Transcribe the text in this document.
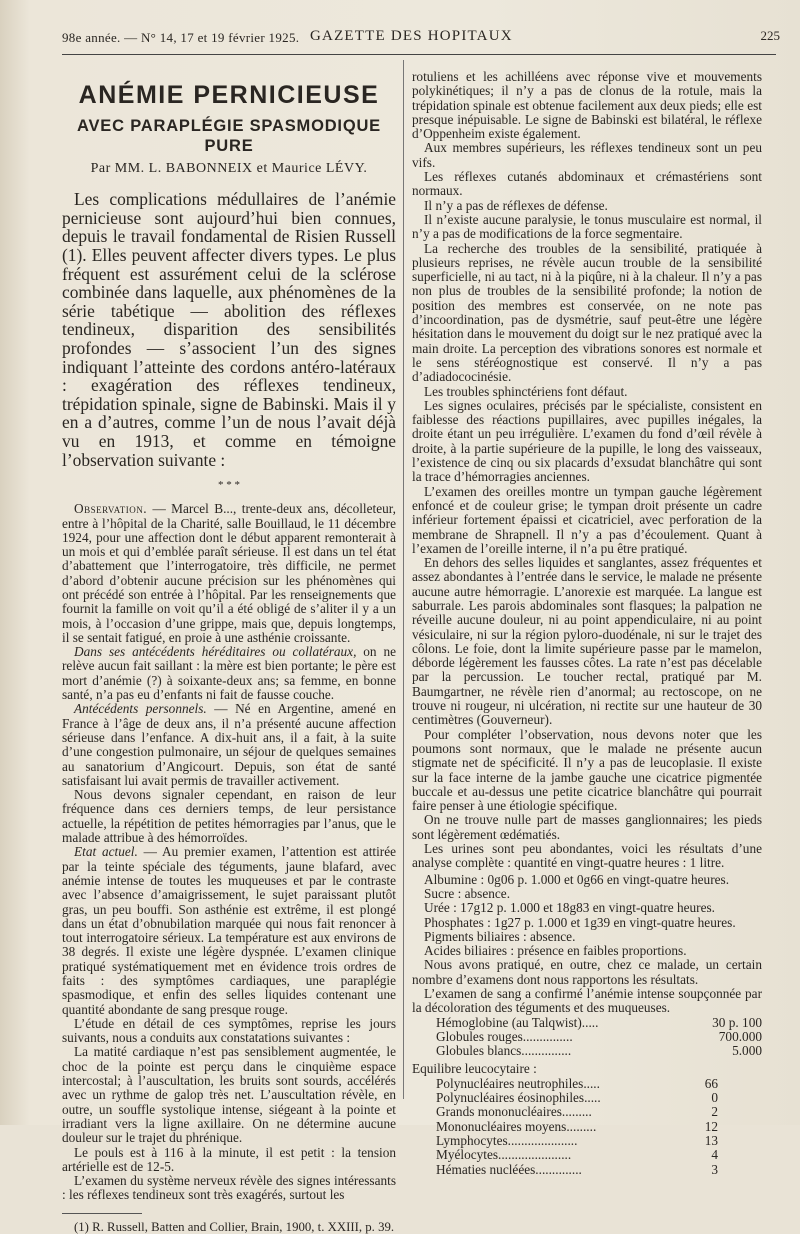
98e année. — N° 14, 17 et 19 février 1925. GAZETTE DES HOPITAUX	225
ANÉMIE PERNICIEUSE
AVEC PARAPLÉGIE SPASMODIQUE PURE
Par MM. L. BABONNEIX et Maurice LÉVY.

Les complications médullaires de l’anémie pernicieuse sont aujourd’hui bien connues, depuis le travail fondamental de Risien Russell (1). Elles peuvent affecter divers types. Le plus fréquent est assurément celui de la sclérose combinée dans laquelle, aux phénomènes de la série tabétique — abolition des réflexes tendineux, disparition des sensibilités profondes — s’associent l’un des signes indiquant l’atteinte des cordons antéro-latéraux : exagération des réflexes tendineux, trépidation spinale, signe de Babinski. Mais il y en a d’autres, comme l’un de nous l’avait déjà vu en 1913, et comme en témoigne l’observation suivante :

* * *

Observation. — Marcel B..., trente-deux ans, décolleteur, entre à l’hôpital de la Charité, salle Bouillaud, le 11 décembre 1924, pour une affection dont le début apparent remonterait à un mois et qui d’emblée paraît sérieuse. Il est dans un tel état d’abattement que l’interrogatoire, très difficile, ne permet d’abord d’obtenir aucune précision sur les phénomènes qui ont précédé son entrée à l’hôpital. Par les renseignements que fournit la famille on voit qu’il a été obligé de s’aliter il y a un mois, à l’occasion d’une grippe, mais que, depuis longtemps, il se sentait fatigué, en proie à une asthénie croissante.

Dans ses antécédents héréditaires ou collatéraux, on ne relève aucun fait saillant : la mère est bien portante; le père est mort d’anémie (?) à soixante-deux ans; sa femme, en bonne santé, n’a pas eu d’enfants ni fait de fausse couche.

Antécédents personnels. — Né en Argentine, amené en France à l’âge de deux ans, il n’a présenté aucune affection sérieuse dans l’enfance. A dix-huit ans, il a fait, à la suite d’une congestion pulmonaire, un séjour de quelques semaines au sanatorium d’Angicourt. Depuis, son état de santé satisfaisant lui avait permis de travailler activement.

Nous devons signaler cependant, en raison de leur fréquence dans ces derniers temps, de leur persistance actuelle, la répétition de petites hémorragies par l’anus, que le malade attribue à des hémorroïdes.

Etat actuel. — Au premier examen, l’attention est attirée par la teinte spéciale des téguments, jaune blafard, avec anémie intense de toutes les muqueuses et par le contraste avec l’absence d’amaigrissement, le sujet paraissant plutôt gras, un peu bouffi. Son asthénie est extrême, il est plongé dans un état d’obnubilation marquée qui nous fait renoncer à tout interrogatoire sérieux. La température est aux environs de 38 degrés. Il existe une légère dyspnée. L’examen clinique pratiqué systématiquement met en évidence trois ordres de faits : des symptômes cardiaques, une paraplégie spasmodique, et enfin des selles liquides contenant une quantité abondante de sang presque rouge.

L’étude en détail de ces symptômes, reprise les jours suivants, nous a conduits aux constatations suivantes :

La matité cardiaque n’est pas sensiblement augmentée, le choc de la pointe est perçu dans le cinquième espace intercostal; à l’auscultation, les bruits sont sourds, accélérés avec un rythme de galop très net. L’auscultation révèle, en outre, un souffle systolique intense, siégeant à la pointe et irradiant vers la ligne axillaire. On ne détermine aucune douleur sur le trajet du phrénique.

Le pouls est à 116 à la minute, il est petit : la tension artérielle est de 12-5.

L’examen du système nerveux révèle des signes intéressants : les réflexes tendineux sont très exagérés, surtout les

(1) R. Russell, Batten and Collier, Brain, 1900, t. XXIII, p. 39.

rotuliens et les achilléens avec réponse vive et mouvements polykinétiques; il n’y a pas de clonus de la rotule, mais la trépidation spinale est obtenue facilement aux deux pieds; elle est presque inépuisable. Le signe de Babinski est bilatéral, le réflexe d’Oppenheim existe également.

Aux membres supérieurs, les réflexes tendineux sont un peu vifs.

Les réflexes cutanés abdominaux et crémastériens sont normaux.

Il n’y a pas de réflexes de défense.

Il n’existe aucune paralysie, le tonus musculaire est normal, il n’y a pas de modifications de la force segmentaire.

La recherche des troubles de la sensibilité, pratiquée à plusieurs reprises, ne révèle aucun trouble de la sensibilité superficielle, ni au tact, ni à la piqûre, ni à la chaleur. Il n’y a pas non plus de troubles de la sensibilité profonde; la notion de position des membres est conservée, on ne note pas d’incoordination, pas de dysmétrie, sauf peut-être une légère hésitation dans le mouvement du doigt sur le nez pratiqué avec la main droite. La perception des vibrations sonores est normale et le sens stéréognostique est conservé. Il n’y a pas d’adiadococinésie.

Les troubles sphinctériens font défaut.

Les signes oculaires, précisés par le spécialiste, consistent en faiblesse des réactions pupillaires, avec pupilles inégales, la droite étant un peu irrégulière. L’examen du fond d’œil révèle à droite, à la partie supérieure de la pupille, le long des vaisseaux, l’existence de cinq ou six placards d’exsudat blanchâtre qui sont la trace d’hémorragies anciennes.

L’examen des oreilles montre un tympan gauche légèrement enfoncé et de couleur grise; le tympan droit présente un cadre inférieur fortement épaissi et cicatriciel, avec perforation de la membrane de Shrapnell. Il n’y a pas d’écoulement. Quant à l’examen de l’oreille interne, il n’a pu être pratiqué.

En dehors des selles liquides et sanglantes, assez fréquentes et assez abondantes à l’entrée dans le service, le malade ne présente aucune autre hémorragie. L’anorexie est marquée. La langue est saburrale. Les parois abdominales sont flasques; la palpation ne réveille aucune douleur, ni au point appendiculaire, ni au point vésiculaire, ni sur la région pyloro-duodénale, ni sur le trajet des côlons. Le foie, dont la limite supérieure passe par le mamelon, déborde légèrement les fausses côtes. La rate n’est pas décelable par la percussion. Le toucher rectal, pratiqué par M. Baumgartner, ne révèle rien d’anormal; au rectoscope, on ne trouve ni rougeur, ni ulcération, ni rectite sur une hauteur de 30 centimètres (Gouverneur).

Pour compléter l’observation, nous devons noter que les poumons sont normaux, que le malade ne présente aucun stigmate net de spécificité. Il n’y a pas de leucoplasie. Il existe sur la face interne de la jambe gauche une cicatrice pigmentée buccale et au-dessus une petite cicatrice blanchâtre qui pourrait faire penser à une étiologie spécifique.

On ne trouve nulle part de masses ganglionnaires; les pieds sont légèrement œdématiés.

Les urines sont peu abondantes, voici les résultats d’une analyse complète : quantité en vingt-quatre heures : 1 litre.

Albumine : 0g06 p. 1.000 et 0g66 en vingt-quatre heures.
Sucre : absence.
Urée : 17g12 p. 1.000 et 18g83 en vingt-quatre heures.
Phosphates : 1g27 p. 1.000 et 1g39 en vingt-quatre heures.
Pigments biliaires : absence.
Acides biliaires : présence en faibles proportions.

Nous avons pratiqué, en outre, chez ce malade, un certain nombre d’examens dont nous rapportons les résultats.

L’examen de sang a confirmé l’anémie intense soupçonnée par la décoloration des téguments et des muqueuses.

Hémoglobine (au Talqwist).....	30 p. 100
Globules rouges...............	700.000
Globules blancs...............	5.000

Equilibre leucocytaire :

Polynucléaires neutrophiles.....	66
Polynucléaires éosinophiles.....	0
Grands mononucléaires.........	2
Mononucléaires moyens.........	12
Lymphocytes.....................	13
Myélocytes......................	4
Hématies nucléées..............	3
